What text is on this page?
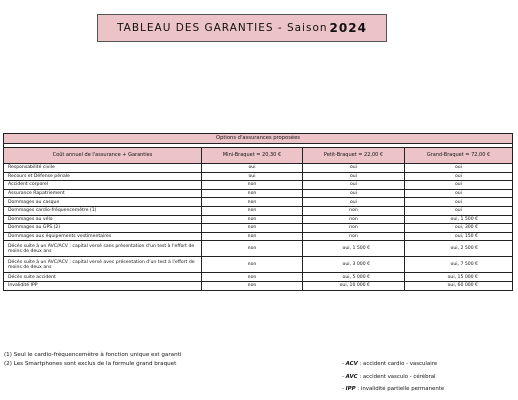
TABLEAU DES GARANTIES - Saison 2024
Options d'assurances proposées			

Coût annuel de l'assurance + Garanties	Mini-Braquet = 20,30 €	Petit-Braquet = 22,00 €	Grand-Braquet = 72,00 €
Responsabilité civile	oui	oui	oui
Recours et Défense pénale	oui	oui	oui
Accident corporel	non	oui	oui
Assurance Rapatriement	non	oui	oui
Dommages au casque	non	oui	oui
Dommages cardio-fréquencemètre (1)	non	non	oui
Dommages au vélo	non	non	oui, 1 500 €
Dommages au GPS (2)	non	non	oui, 300 €
Dommages aux équipements vestimentaires	non	non	oui, 150 €
Décès suite à un AVC/ACV : capital versé sans présentation d'un test à l'effort de moins de deux ans	non	oui, 1 500 €	oui, 2 500 €
Décès suite à un AVC/ACV : capital versé avec présentation d'un test à l'effort de moins de deux ans	non	oui, 3 000 €	oui, 7 500 €
Décès suite accident	non	oui, 5 000 €	oui, 15 000 €
Invalidité IPP	non	oui, 10 000 €	oui, 60 000 €
(1) Seul le cardio-fréquencemètre à fonction unique est garanti
(2) Les Smartphones sont exclus de la formule grand braquet	- ACV : accident cardio - vasculaire
- AVC : accident vasculo - cérébral
- IPP : invalidité partielle permanente
